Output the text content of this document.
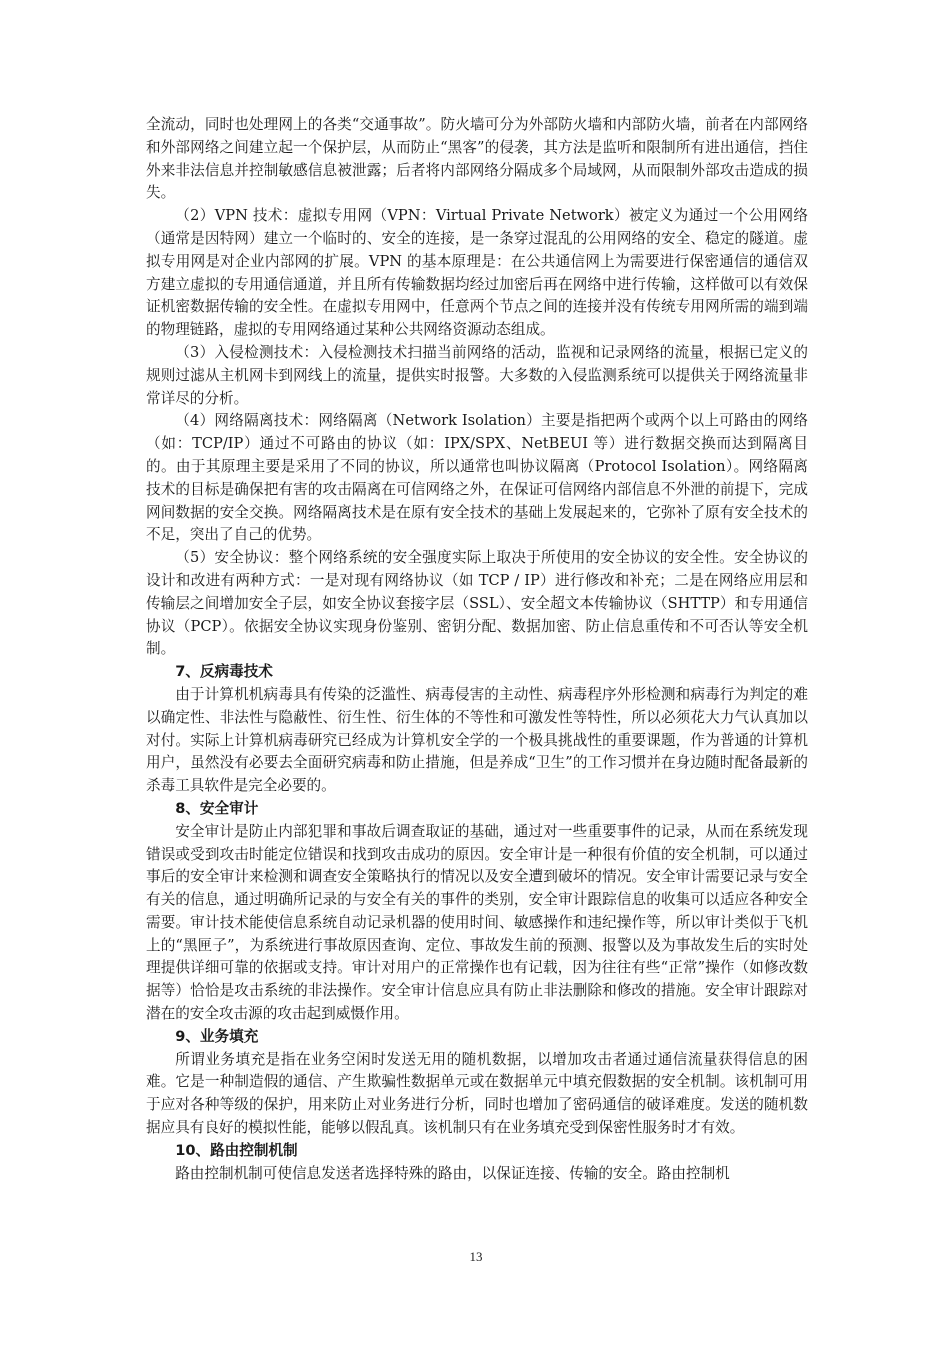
全流动，同时也处理网上的各类“交通事故”。防火墙可分为外部防火墙和内部防火墙，前者在内部网络和外部网络之间建立起一个保护层，从而防止“黑客”的侵袭，其方法是监听和限制所有进出通信，挡住外来非法信息并控制敏感信息被泄露；后者将内部网络分隔成多个局域网，从而限制外部攻击造成的损失。

（2）VPN 技术：虚拟专用网（VPN：Virtual Private Network）被定义为通过一个公用网络（通常是因特网）建立一个临时的、安全的连接，是一条穿过混乱的公用网络的安全、稳定的隧道。虚拟专用网是对企业内部网的扩展。VPN 的基本原理是：在公共通信网上为需要进行保密通信的通信双方建立虚拟的专用通信通道，并且所有传输数据均经过加密后再在网络中进行传输，这样做可以有效保证机密数据传输的安全性。在虚拟专用网中，任意两个节点之间的连接并没有传统专用网所需的端到端的物理链路，虚拟的专用网络通过某种公共网络资源动态组成。

（3）入侵检测技术：入侵检测技术扫描当前网络的活动，监视和记录网络的流量，根据已定义的规则过滤从主机网卡到网线上的流量，提供实时报警。大多数的入侵监测系统可以提供关于网络流量非常详尽的分析。

（4）网络隔离技术：网络隔离（Network Isolation）主要是指把两个或两个以上可路由的网络（如：TCP/IP）通过不可路由的协议（如：IPX/SPX、NetBEUI 等）进行数据交换而达到隔离目的。由于其原理主要是采用了不同的协议，所以通常也叫协议隔离（Protocol Isolation）。网络隔离技术的目标是确保把有害的攻击隔离在可信网络之外，在保证可信网络内部信息不外泄的前提下，完成网间数据的安全交换。网络隔离技术是在原有安全技术的基础上发展起来的，它弥补了原有安全技术的不足，突出了自己的优势。

（5）安全协议：整个网络系统的安全强度实际上取决于所使用的安全协议的安全性。安全协议的设计和改进有两种方式：一是对现有网络协议（如 TCP / IP）进行修改和补充；二是在网络应用层和传输层之间增加安全子层，如安全协议套接字层（SSL）、安全超文本传输协议（SHTTP）和专用通信协议（PCP）。依据安全协议实现身份鉴别、密钥分配、数据加密、防止信息重传和不可否认等安全机制。

7、反病毒技术

由于计算机机病毒具有传染的泛滥性、病毒侵害的主动性、病毒程序外形检测和病毒行为判定的难以确定性、非法性与隐蔽性、衍生性、衍生体的不等性和可激发性等特性，所以必须花大力气认真加以对付。实际上计算机病毒研究已经成为计算机安全学的一个极具挑战性的重要课题，作为普通的计算机用户，虽然没有必要去全面研究病毒和防止措施，但是养成“卫生”的工作习惯并在身边随时配备最新的杀毒工具软件是完全必要的。

8、安全审计

安全审计是防止内部犯罪和事故后调查取证的基础，通过对一些重要事件的记录，从而在系统发现错误或受到攻击时能定位错误和找到攻击成功的原因。安全审计是一种很有价值的安全机制，可以通过事后的安全审计来检测和调查安全策略执行的情况以及安全遭到破坏的情况。安全审计需要记录与安全有关的信息，通过明确所记录的与安全有关的事件的类别，安全审计跟踪信息的收集可以适应各种安全需要。审计技术能使信息系统自动记录机器的使用时间、敏感操作和违纪操作等，所以审计类似于飞机上的“黑匣子”，为系统进行事故原因查询、定位、事故发生前的预测、报警以及为事故发生后的实时处理提供详细可靠的依据或支持。审计对用户的正常操作也有记载，因为往往有些“正常”操作（如修改数据等）恰恰是攻击系统的非法操作。安全审计信息应具有防止非法删除和修改的措施。安全审计跟踪对潜在的安全攻击源的攻击起到威慑作用。

9、业务填充

所谓业务填充是指在业务空闲时发送无用的随机数据，以增加攻击者通过通信流量获得信息的困难。它是一种制造假的通信、产生欺骗性数据单元或在数据单元中填充假数据的安全机制。该机制可用于应对各种等级的保护，用来防止对业务进行分析，同时也增加了密码通信的破译难度。发送的随机数据应具有良好的模拟性能，能够以假乱真。该机制只有在业务填充受到保密性服务时才有效。

10、路由控制机制

路由控制机制可使信息发送者选择特殊的路由，以保证连接、传输的安全。路由控制机

13
